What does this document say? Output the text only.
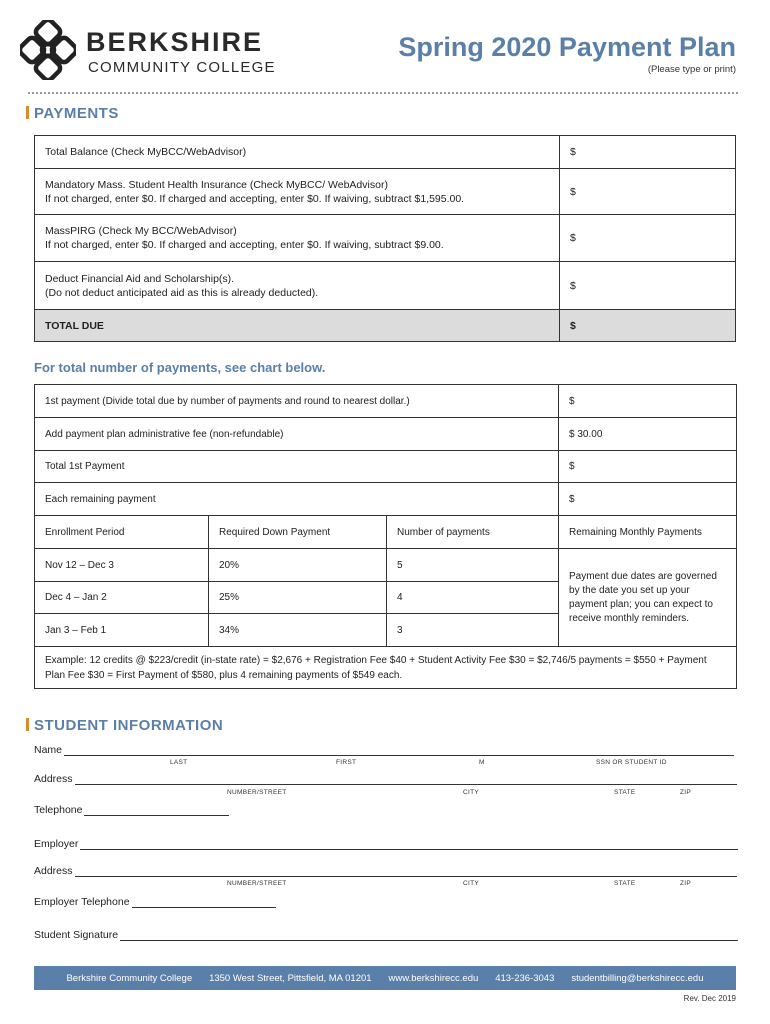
BERKSHIRE
COMMUNITY COLLEGE
Spring 2020 Payment Plan
(Please type or print)
PAYMENTS
Total Balance (Check MyBCC/WebAdvisor)	$

Mandatory Mass. Student Health Insurance (Check MyBCC/ WebAdvisor)
If not charged, enter $0. If charged and accepting, enter $0. If waiving, subtract $1,595.00.	$

MassPIRG (Check My BCC/WebAdvisor)
If not charged, enter $0. If charged and accepting, enter $0. If waiving, subtract $9.00.	$

Deduct Financial Aid and Scholarship(s).
(Do not deduct anticipated aid as this is already deducted).	$
TOTAL DUE	$
For total number of payments, see chart below.
1st payment (Divide total due by number of payments and round to nearest dollar.)			$
Add payment plan administrative fee (non-refundable)			$ 30.00
Total 1st Payment			$
Each remaining payment			$
Enrollment Period	Required Down Payment	Number of payments	Remaining Monthly Payments
Nov 12 – Dec 3	20%	5	Payment due dates are governed by the date you set up your payment plan; you can expect to receive monthly reminders.
Dec 4 – Jan 2	25%	4	
Jan 3 – Feb 1	34%	3	
Example: 12 credits @ $223/credit (in-state rate) = $2,676 + Registration Fee $40 + Student Activity Fee $30 = $2,746/5 payments = $550 + Payment Plan Fee $30 = First Payment of $580, plus 4 remaining payments of $549 each.			
STUDENT INFORMATION
Name
LAST	FIRST	M	SSN OR STUDENT ID
Address
NUMBER/STREET	CITY	STATE	ZIP
Telephone
Employer
Address
NUMBER/STREET	CITY	STATE	ZIP
Employer Telephone
Student Signature
Berkshire Community College 1350 West Street, Pittsfield, MA 01201 www.berkshirecc.edu 413-236-3043 studentbilling@berkshirecc.edu
Rev. Dec 2019
